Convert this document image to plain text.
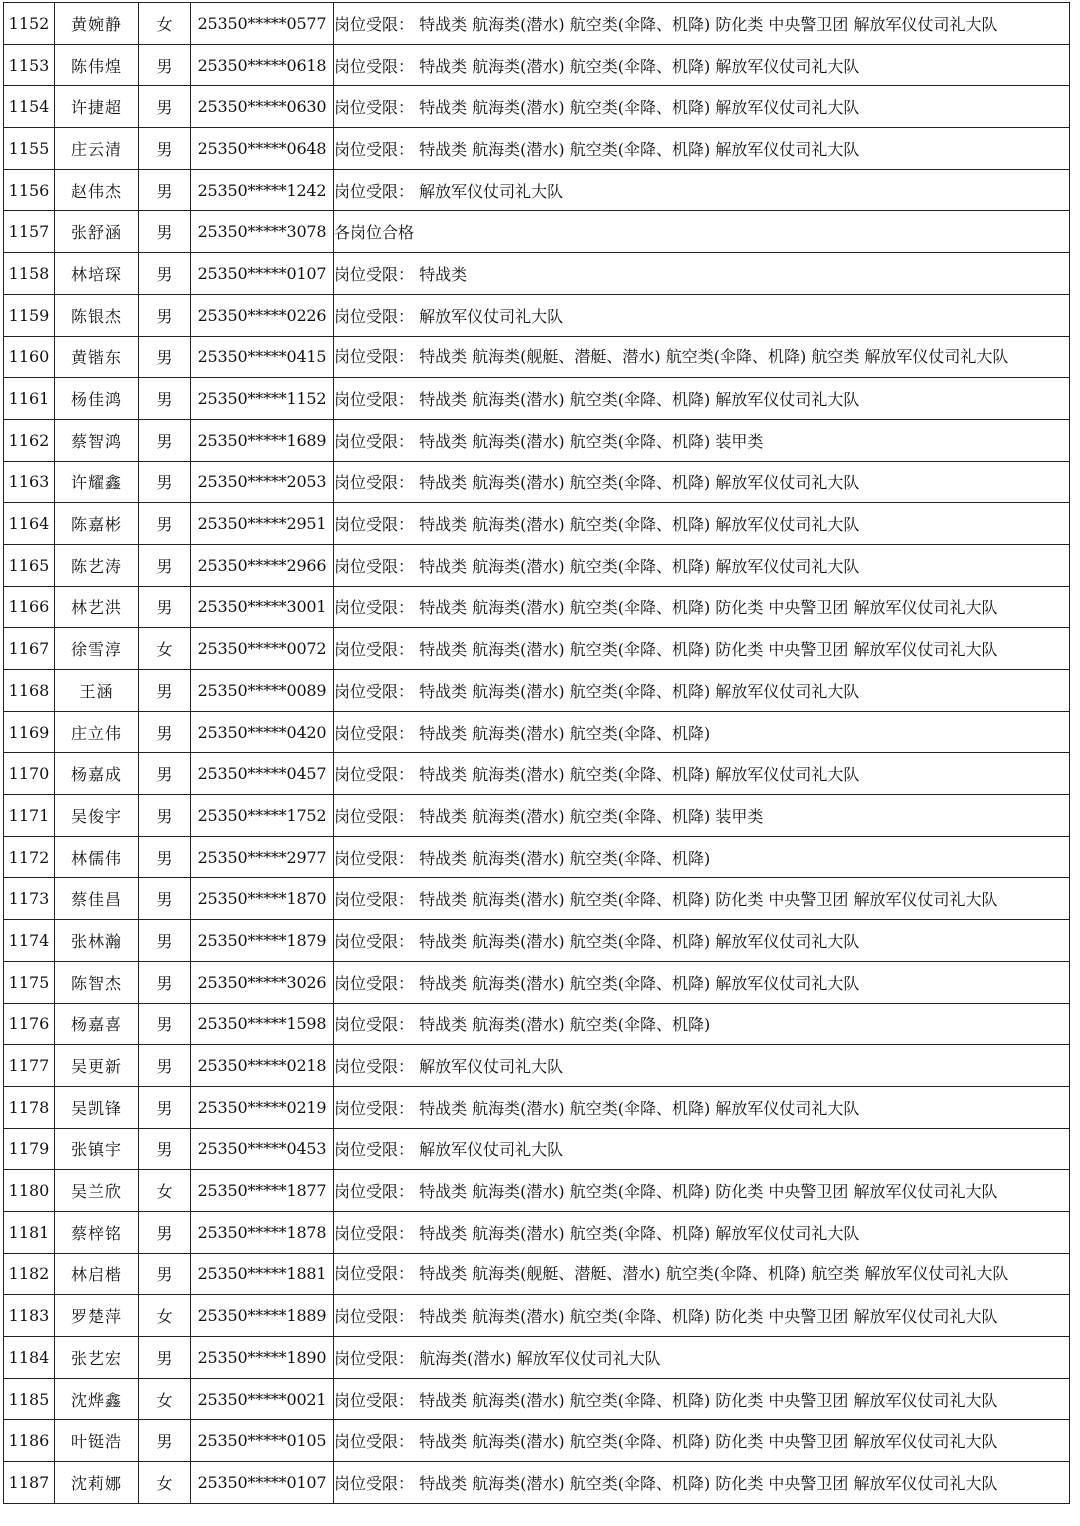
1152	黄婉静	女	25350*****0577	岗位受限： 特战类 航海类(潜水) 航空类(伞降、机降) 防化类 中央警卫团 解放军仪仗司礼大队
1153	陈伟煌	男	25350*****0618	岗位受限： 特战类 航海类(潜水) 航空类(伞降、机降) 解放军仪仗司礼大队
1154	许捷超	男	25350*****0630	岗位受限： 特战类 航海类(潜水) 航空类(伞降、机降) 解放军仪仗司礼大队
1155	庄云清	男	25350*****0648	岗位受限： 特战类 航海类(潜水) 航空类(伞降、机降) 解放军仪仗司礼大队
1156	赵伟杰	男	25350*****1242	岗位受限： 解放军仪仗司礼大队
1157	张舒涵	男	25350*****3078	各岗位合格
1158	林培琛	男	25350*****0107	岗位受限： 特战类
1159	陈银杰	男	25350*****0226	岗位受限： 解放军仪仗司礼大队
1160	黄锴东	男	25350*****0415	岗位受限： 特战类 航海类(舰艇、潜艇、潜水) 航空类(伞降、机降) 航空类 解放军仪仗司礼大队
1161	杨佳鸿	男	25350*****1152	岗位受限： 特战类 航海类(潜水) 航空类(伞降、机降) 解放军仪仗司礼大队
1162	蔡智鸿	男	25350*****1689	岗位受限： 特战类 航海类(潜水) 航空类(伞降、机降) 装甲类
1163	许耀鑫	男	25350*****2053	岗位受限： 特战类 航海类(潜水) 航空类(伞降、机降) 解放军仪仗司礼大队
1164	陈嘉彬	男	25350*****2951	岗位受限： 特战类 航海类(潜水) 航空类(伞降、机降) 解放军仪仗司礼大队
1165	陈艺涛	男	25350*****2966	岗位受限： 特战类 航海类(潜水) 航空类(伞降、机降) 解放军仪仗司礼大队
1166	林艺洪	男	25350*****3001	岗位受限： 特战类 航海类(潜水) 航空类(伞降、机降) 防化类 中央警卫团 解放军仪仗司礼大队
1167	徐雪淳	女	25350*****0072	岗位受限： 特战类 航海类(潜水) 航空类(伞降、机降) 防化类 中央警卫团 解放军仪仗司礼大队
1168	王涵	男	25350*****0089	岗位受限： 特战类 航海类(潜水) 航空类(伞降、机降) 解放军仪仗司礼大队
1169	庄立伟	男	25350*****0420	岗位受限： 特战类 航海类(潜水) 航空类(伞降、机降)
1170	杨嘉成	男	25350*****0457	岗位受限： 特战类 航海类(潜水) 航空类(伞降、机降) 解放军仪仗司礼大队
1171	吴俊宇	男	25350*****1752	岗位受限： 特战类 航海类(潜水) 航空类(伞降、机降) 装甲类
1172	林儒伟	男	25350*****2977	岗位受限： 特战类 航海类(潜水) 航空类(伞降、机降)
1173	蔡佳昌	男	25350*****1870	岗位受限： 特战类 航海类(潜水) 航空类(伞降、机降) 防化类 中央警卫团 解放军仪仗司礼大队
1174	张林瀚	男	25350*****1879	岗位受限： 特战类 航海类(潜水) 航空类(伞降、机降) 解放军仪仗司礼大队
1175	陈智杰	男	25350*****3026	岗位受限： 特战类 航海类(潜水) 航空类(伞降、机降) 解放军仪仗司礼大队
1176	杨嘉喜	男	25350*****1598	岗位受限： 特战类 航海类(潜水) 航空类(伞降、机降)
1177	吴更新	男	25350*****0218	岗位受限： 解放军仪仗司礼大队
1178	吴凯锋	男	25350*****0219	岗位受限： 特战类 航海类(潜水) 航空类(伞降、机降) 解放军仪仗司礼大队
1179	张镇宇	男	25350*****0453	岗位受限： 解放军仪仗司礼大队
1180	吴兰欣	女	25350*****1877	岗位受限： 特战类 航海类(潜水) 航空类(伞降、机降) 防化类 中央警卫团 解放军仪仗司礼大队
1181	蔡梓铭	男	25350*****1878	岗位受限： 特战类 航海类(潜水) 航空类(伞降、机降) 解放军仪仗司礼大队
1182	林启楷	男	25350*****1881	岗位受限： 特战类 航海类(舰艇、潜艇、潜水) 航空类(伞降、机降) 航空类 解放军仪仗司礼大队
1183	罗楚萍	女	25350*****1889	岗位受限： 特战类 航海类(潜水) 航空类(伞降、机降) 防化类 中央警卫团 解放军仪仗司礼大队
1184	张艺宏	男	25350*****1890	岗位受限： 航海类(潜水) 解放军仪仗司礼大队
1185	沈烨鑫	女	25350*****0021	岗位受限： 特战类 航海类(潜水) 航空类(伞降、机降) 防化类 中央警卫团 解放军仪仗司礼大队
1186	叶铤浩	男	25350*****0105	岗位受限： 特战类 航海类(潜水) 航空类(伞降、机降) 防化类 中央警卫团 解放军仪仗司礼大队
1187	沈莉娜	女	25350*****0107	岗位受限： 特战类 航海类(潜水) 航空类(伞降、机降) 防化类 中央警卫团 解放军仪仗司礼大队
